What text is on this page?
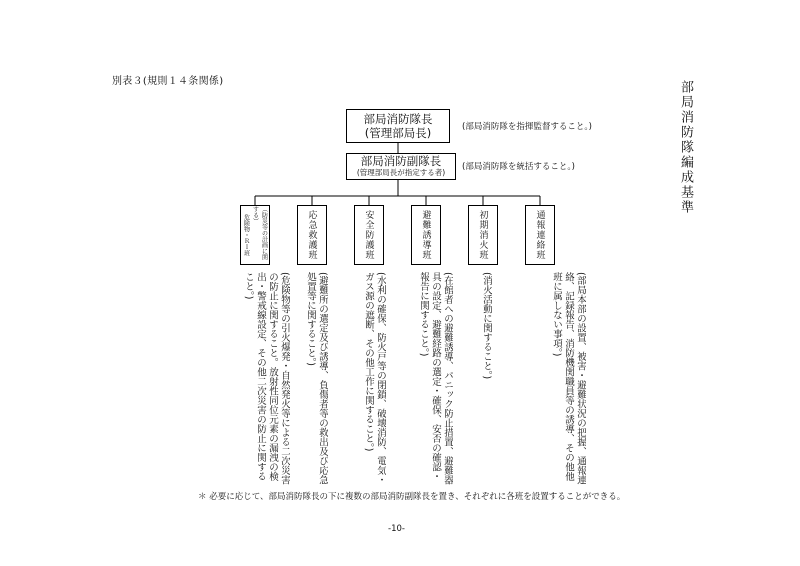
別表３(規則１４条関係)	部局消防隊編成基準
部局消防隊長
(管理部局長)	(部局消防隊を指揮監督すること。)
部局消防副隊長
(管理部局長が指定する者)
(部局消防隊を統括すること。)
危険物・ＲＩ班	（防災等の計画に関する）	応急救護班	安全防護班	避難誘導班	初期消火班	通報連絡班
(危険物等の引火爆発・自然発火等による二次災害の防止に関すること。放射性同位元素の漏洩の検出・警戒線設定、その他二次災害の防止に関すること。)	(避難所の選定及び誘導、負傷者等の救出及び応急処置等に関すること。)	(水利の確保、防火戸等の閉鎖、破壊消防、電気・ガス源の遮断、その他工作に関すること。)	(在館者への避難誘導、パニック防止措置、避難器具の設定、避難経路の選定・確保、安否の確認・報告に関すること。)	(消火活動に関すること。)	(部局本部の設置、被害・避難状況の把握、通報連絡、記録報告、消防機関職員等の誘導、その他他班に属しない事項。)
＊ 必要に応じて、部局消防隊長の下に複数の部局消防副隊長を置き、それぞれに各班を設置することができる。
-10-
